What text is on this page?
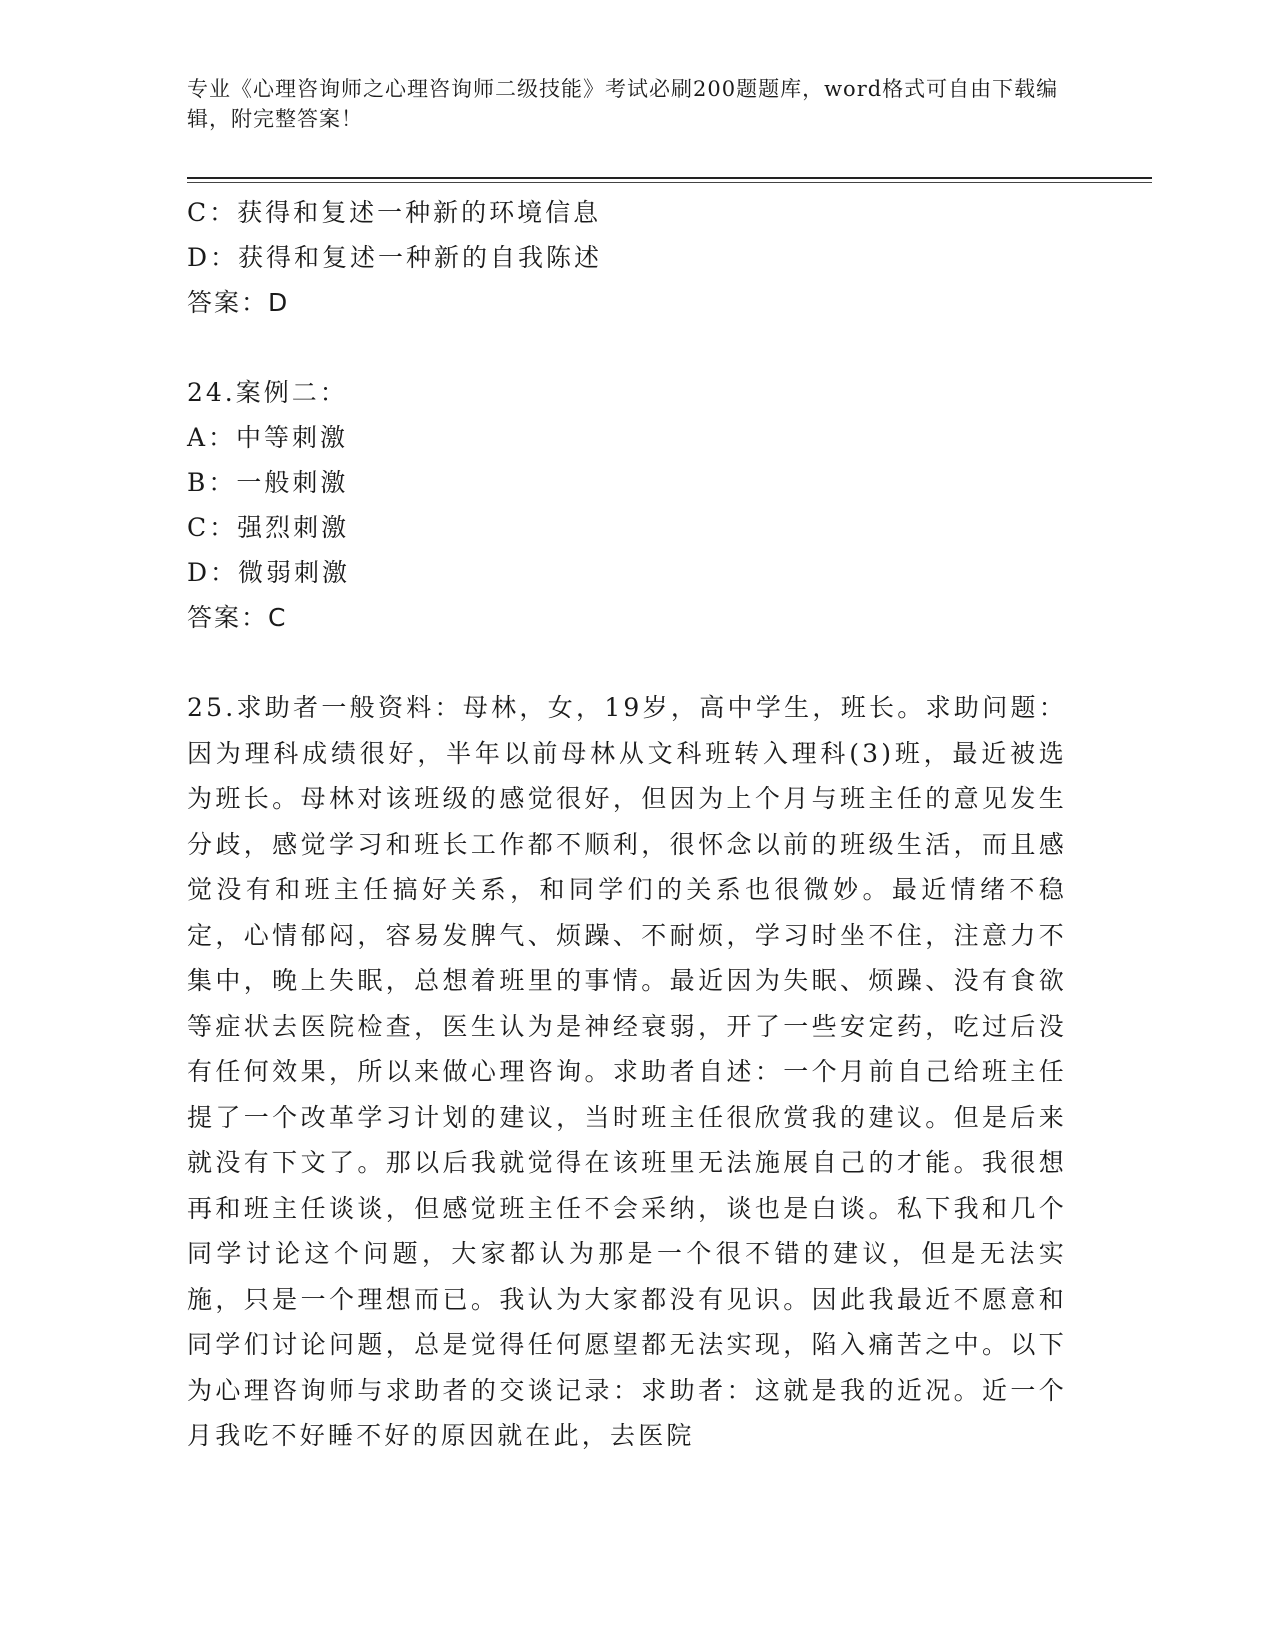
专业《心理咨询师之心理咨询师二级技能》考试必刷200题题库，word格式可自由下载编辑，附完整答案！
C：获得和复述一种新的环境信息
D：获得和复述一种新的自我陈述
答案：D
24.案例二：
A：中等刺激
B：一般刺激
C：强烈刺激
D：微弱刺激
答案：C
25.求助者一般资料：母林，女，19岁，高中学生，班长。求助问题：因为理科成绩很好，半年以前母林从文科班转入理科(3)班，最近被选为班长。母林对该班级的感觉很好，但因为上个月与班主任的意见发生分歧，感觉学习和班长工作都不顺利，很怀念以前的班级生活，而且感觉没有和班主任搞好关系，和同学们的关系也很微妙。最近情绪不稳定，心情郁闷，容易发脾气、烦躁、不耐烦，学习时坐不住，注意力不集中，晚上失眠，总想着班里的事情。最近因为失眠、烦躁、没有食欲等症状去医院检查，医生认为是神经衰弱，开了一些安定药，吃过后没有任何效果，所以来做心理咨询。求助者自述：一个月前自己给班主任提了一个改革学习计划的建议，当时班主任很欣赏我的建议。但是后来就没有下文了。那以后我就觉得在该班里无法施展自己的才能。我很想再和班主任谈谈，但感觉班主任不会采纳，谈也是白谈。私下我和几个同学讨论这个问题，大家都认为那是一个很不错的建议，但是无法实施，只是一个理想而已。我认为大家都没有见识。因此我最近不愿意和同学们讨论问题，总是觉得任何愿望都无法实现，陷入痛苦之中。以下为心理咨询师与求助者的交谈记录：求助者：这就是我的近况。近一个月我吃不好睡不好的原因就在此，去医院
